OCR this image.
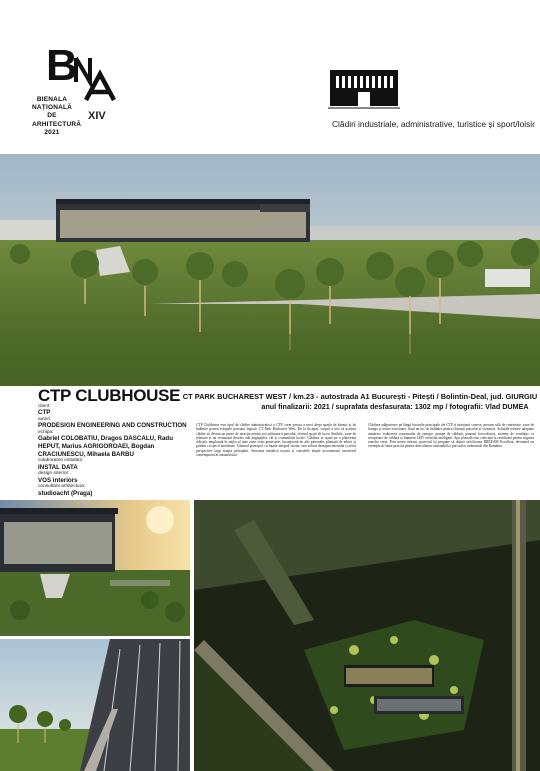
B
BIENALA
NAȚIONALĂ
DE
ARHITECTURĂ
2021
XIV
Clădiri industriale, administrative, turistice și sport/loisir
CTP CLUBHOUSE
client:
CTP
autori:
PRODESIGN ENGINEERING AND CONSTRUCTION
echipa:
Gabriel COLOBATIU, Dragos DASCALU, Radu HEPUT, Marius AGRIGOROAEI, Bogdan CRACIUNESCU, Mihaela BARBU
colaboratori instalatii:
INSTAL DATA
design interior:
VOS interiors
consultant arhitectura:
studioacht (Praga)
CT PARK BUCHAREST WEST / km.23 - autostrada A1 București - Pitești / Bolintin-Deal, jud. GIURGIU
anul finalizarii: 2021 / suprafata desfasurata: 1302 mp / fotografii: Vlad DUMEA
CTP Clubhouse este tipul de clădire administrativă a CTP, creat pentru a servi drept spațiu de birouri și de întâlnire pentru echipele parcului logistic CT Park Bucharest West. De la început, scopul a fost ca această clădire să devină un punct de atracție pentru toți utilizatorii parcului, oferind spații de lucru flexibile, zone de relaxare și un restaurant deschis atât angajaților, cât și comunității locale. Clădirea se așază pe o platformă ridicată, amplasată în mijlocul unei zone verzi generoase, înconjurată de alei pietonale, plantații de arbori și grădini cu specii autohtone. Volumul principal, cu fațade integral vitrate, este ridicat deasupra terenului și oferă perspective largi asupra peisajului. Structura metalică ușoară și consolele ample accentuează caracterul contemporan al ansamblului.
Clădirea adăpostește pe lângă birourile principale ale CTP și funcțiuni conexe, precum sală de conferințe, zone de lounge și terase exterioare, fiind un loc de întâlnire pentru chiriașii parcului și vizitatori. Soluțiile tehnice adoptate urmăresc reducerea consumului de energie: pompe de căldură, panouri fotovoltaice, sisteme de ventilație cu recuperare de căldură și iluminat LED controlat inteligent. Apa pluvială este colectată și reutilizată pentru irigarea zonelor verzi. Prin aceste măsuri, proiectul își propune să obțină certificarea BREEAM Excellent, devenind un exemplu de bune practici pentru dezvoltarea sustenabilă a parcurilor industriale din România.
